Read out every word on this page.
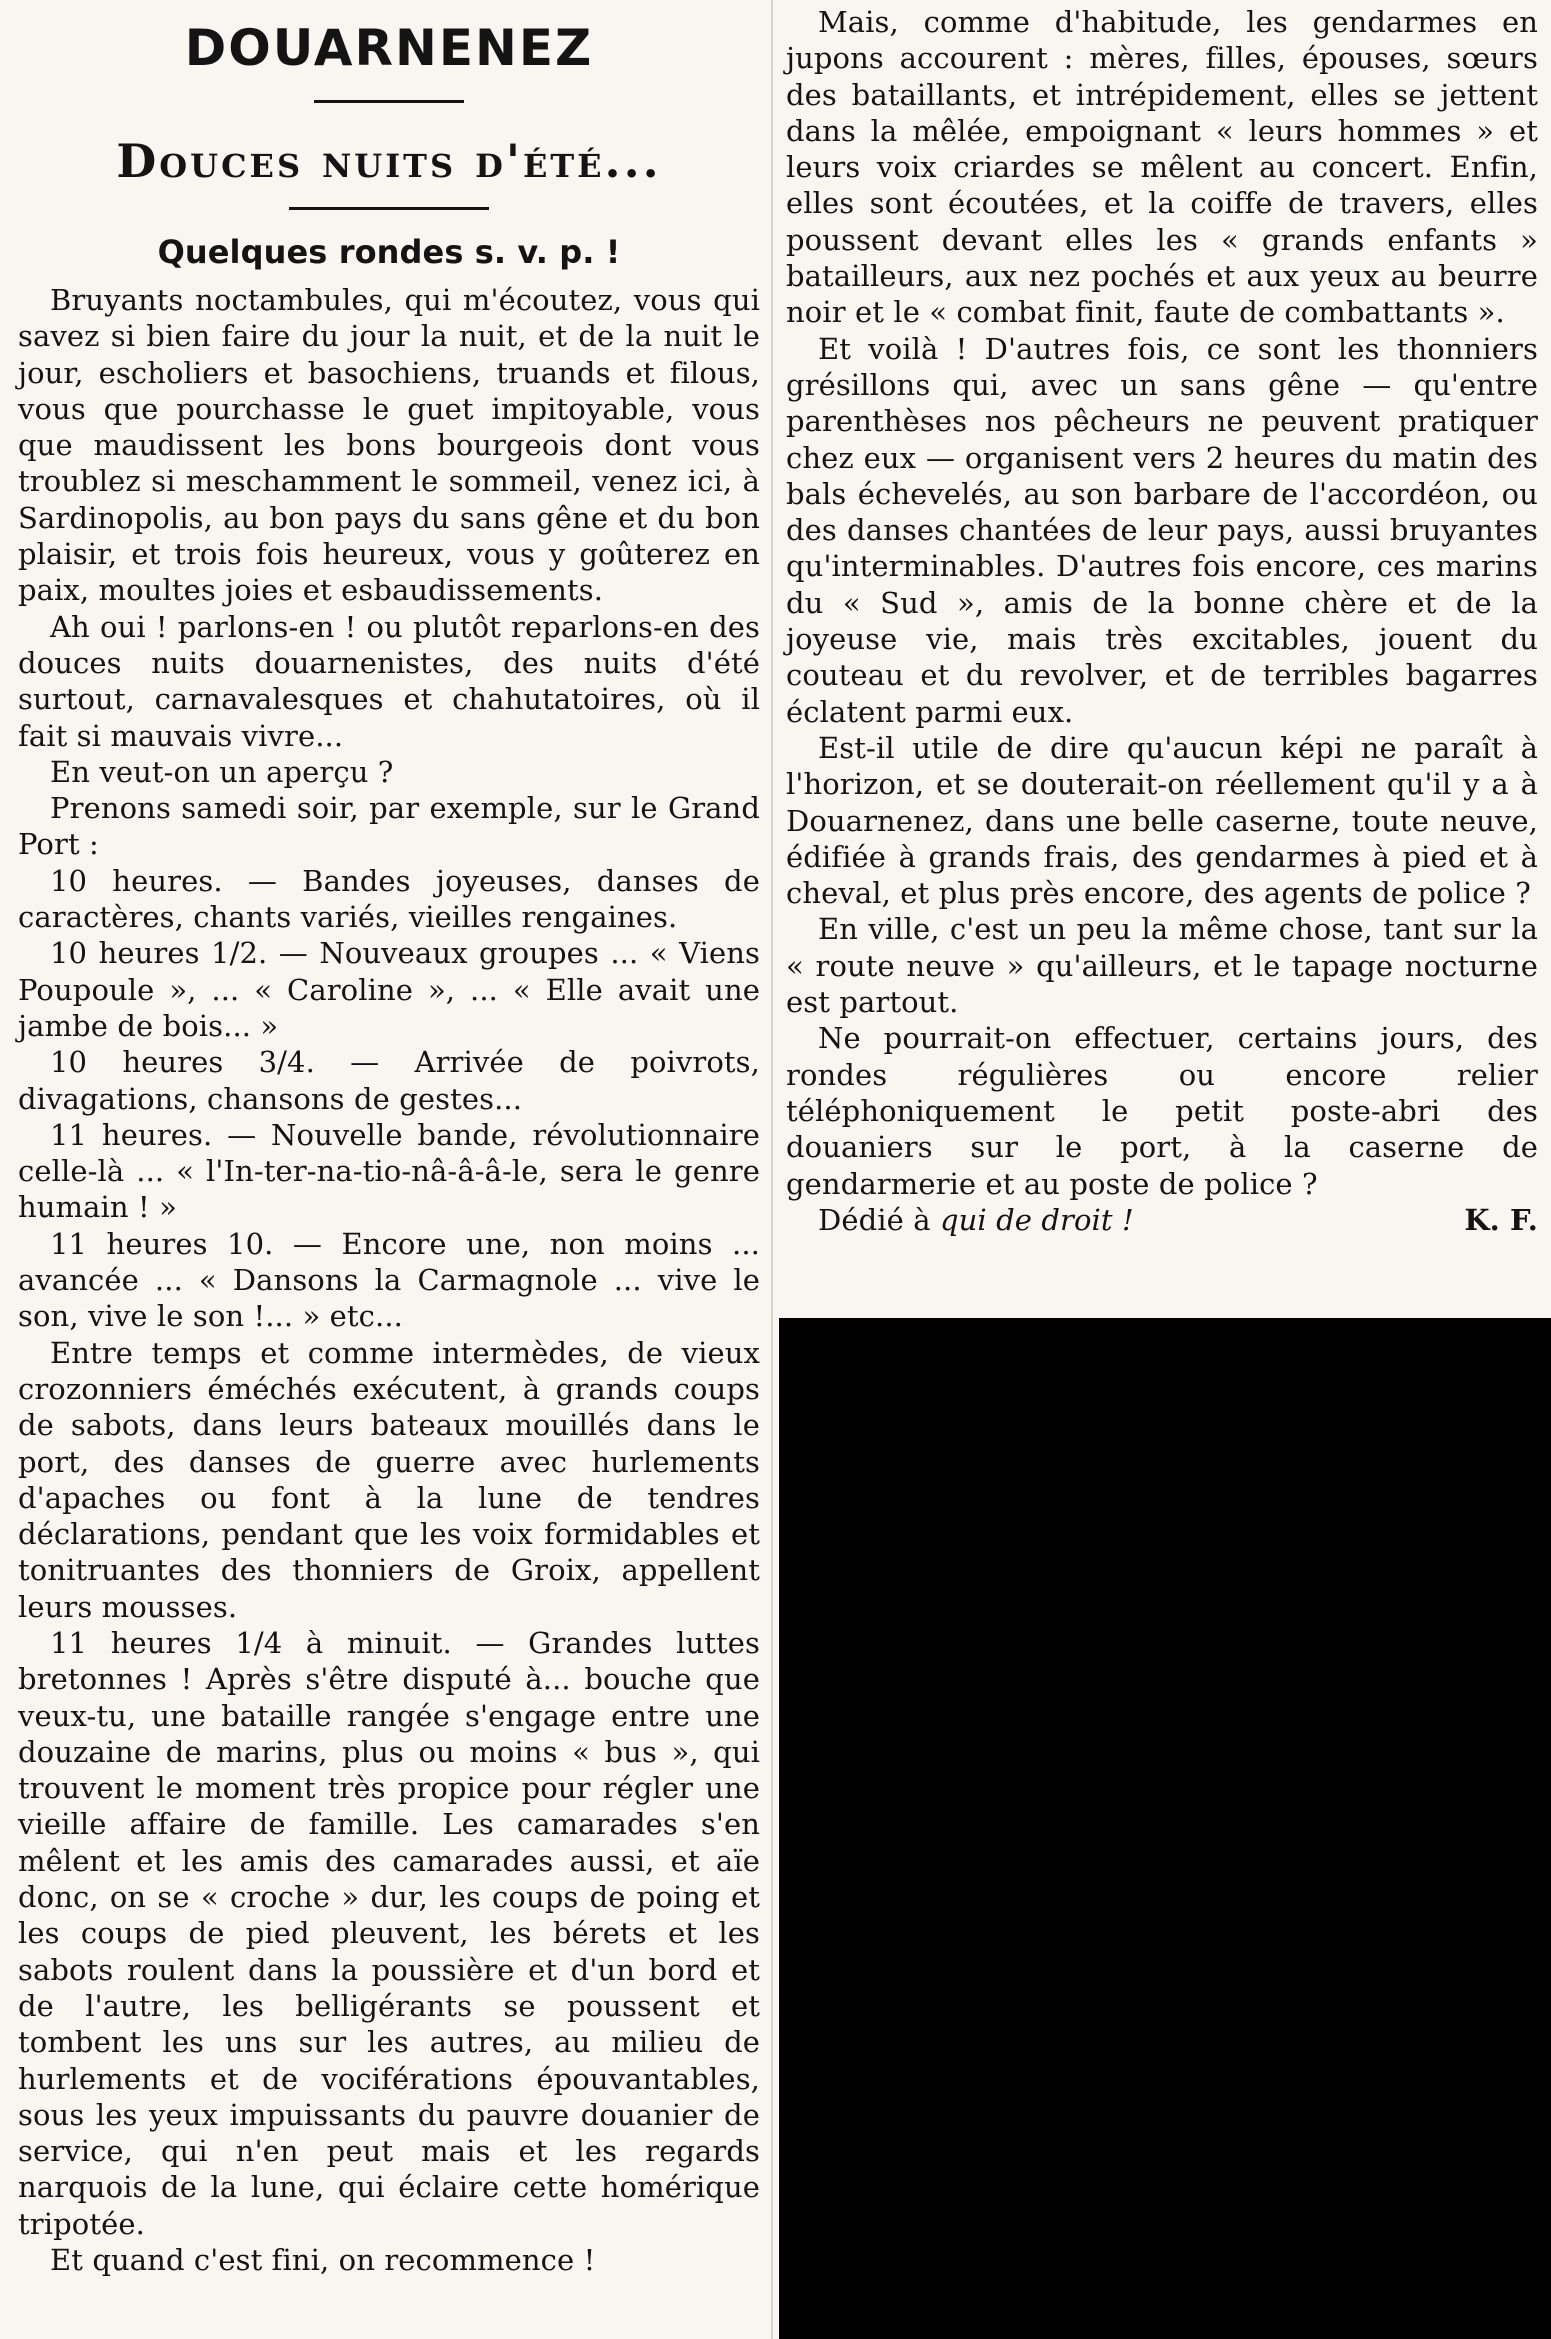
DOUARNENEZ
Douces nuits d'été...
Quelques rondes s. v. p. !

Bruyants noctambules, qui m'écoutez, vous qui savez si bien faire du jour la nuit, et de la nuit le jour, escholiers et basochiens, truands et filous, vous que pourchasse le guet impitoyable, vous que maudissent les bons bourgeois dont vous troublez si meschamment le sommeil, venez ici, à Sardinopolis, au bon pays du sans gêne et du bon plaisir, et trois fois heureux, vous y goûterez en paix, moultes joies et esbaudissements.

Ah oui ! parlons-en ! ou plutôt reparlons-en des douces nuits douarnenistes, des nuits d'été surtout, carnavalesques et chahutatoires, où il fait si mauvais vivre...

En veut-on un aperçu ?

Prenons samedi soir, par exemple, sur le Grand Port :

10 heures. — Bandes joyeuses, danses de caractères, chants variés, vieilles rengaines.

10 heures 1/2. — Nouveaux groupes ... « Viens Poupoule », ... « Caroline », ... « Elle avait une jambe de bois... »

10 heures 3/4. — Arrivée de poivrots, divagations, chansons de gestes...

11 heures. — Nouvelle bande, révolutionnaire celle-là ... « l'In-ter-na-tio-nâ-â-â-le, sera le genre humain ! »

11 heures 10. — Encore une, non moins ... avancée ... « Dansons la Carmagnole ... vive le son, vive le son !... » etc...

Entre temps et comme intermèdes, de vieux crozonniers éméchés exécutent, à grands coups de sabots, dans leurs bateaux mouillés dans le port, des danses de guerre avec hurlements d'apaches ou font à la lune de tendres déclarations, pendant que les voix formidables et tonitruantes des thonniers de Groix, appellent leurs mousses.

11 heures 1/4 à minuit. — Grandes luttes bretonnes ! Après s'être disputé à... bouche que veux-tu, une bataille rangée s'engage entre une douzaine de marins, plus ou moins « bus », qui trouvent le moment très propice pour régler une vieille affaire de famille. Les camarades s'en mêlent et les amis des camarades aussi, et aïe donc, on se « croche » dur, les coups de poing et les coups de pied pleuvent, les bérets et les sabots roulent dans la poussière et d'un bord et de l'autre, les belligérants se poussent et tombent les uns sur les autres, au milieu de hurlements et de vociférations épouvantables, sous les yeux impuissants du pauvre douanier de service, qui n'en peut mais et les regards narquois de la lune, qui éclaire cette homérique tripotée.

Et quand c'est fini, on recommence !

Mais, comme d'habitude, les gendarmes en jupons accourent : mères, filles, épouses, sœurs des bataillants, et intrépidement, elles se jettent dans la mêlée, empoignant « leurs hommes » et leurs voix criardes se mêlent au concert. Enfin, elles sont écoutées, et la coiffe de travers, elles poussent devant elles les « grands enfants » batailleurs, aux nez pochés et aux yeux au beurre noir et le « combat finit, faute de combattants ».

Et voilà ! D'autres fois, ce sont les thonniers grésillons qui, avec un sans gêne — qu'entre parenthèses nos pêcheurs ne peuvent pratiquer chez eux — organisent vers 2 heures du matin des bals échevelés, au son barbare de l'accordéon, ou des danses chantées de leur pays, aussi bruyantes qu'interminables. D'autres fois encore, ces marins du « Sud », amis de la bonne chère et de la joyeuse vie, mais très excitables, jouent du couteau et du revolver, et de terribles bagarres éclatent parmi eux.

Est-il utile de dire qu'aucun képi ne paraît à l'horizon, et se douterait-on réellement qu'il y a à Douarnenez, dans une belle caserne, toute neuve, édifiée à grands frais, des gendarmes à pied et à cheval, et plus près encore, des agents de police ?

En ville, c'est un peu la même chose, tant sur la « route neuve » qu'ailleurs, et le tapage nocturne est partout.

Ne pourrait-on effectuer, certains jours, des rondes régulières ou encore relier téléphoniquement le petit poste-abri des douaniers sur le port, à la caserne de gendarmerie et au poste de police ?

Dédié à qui de droit !	K. F.
